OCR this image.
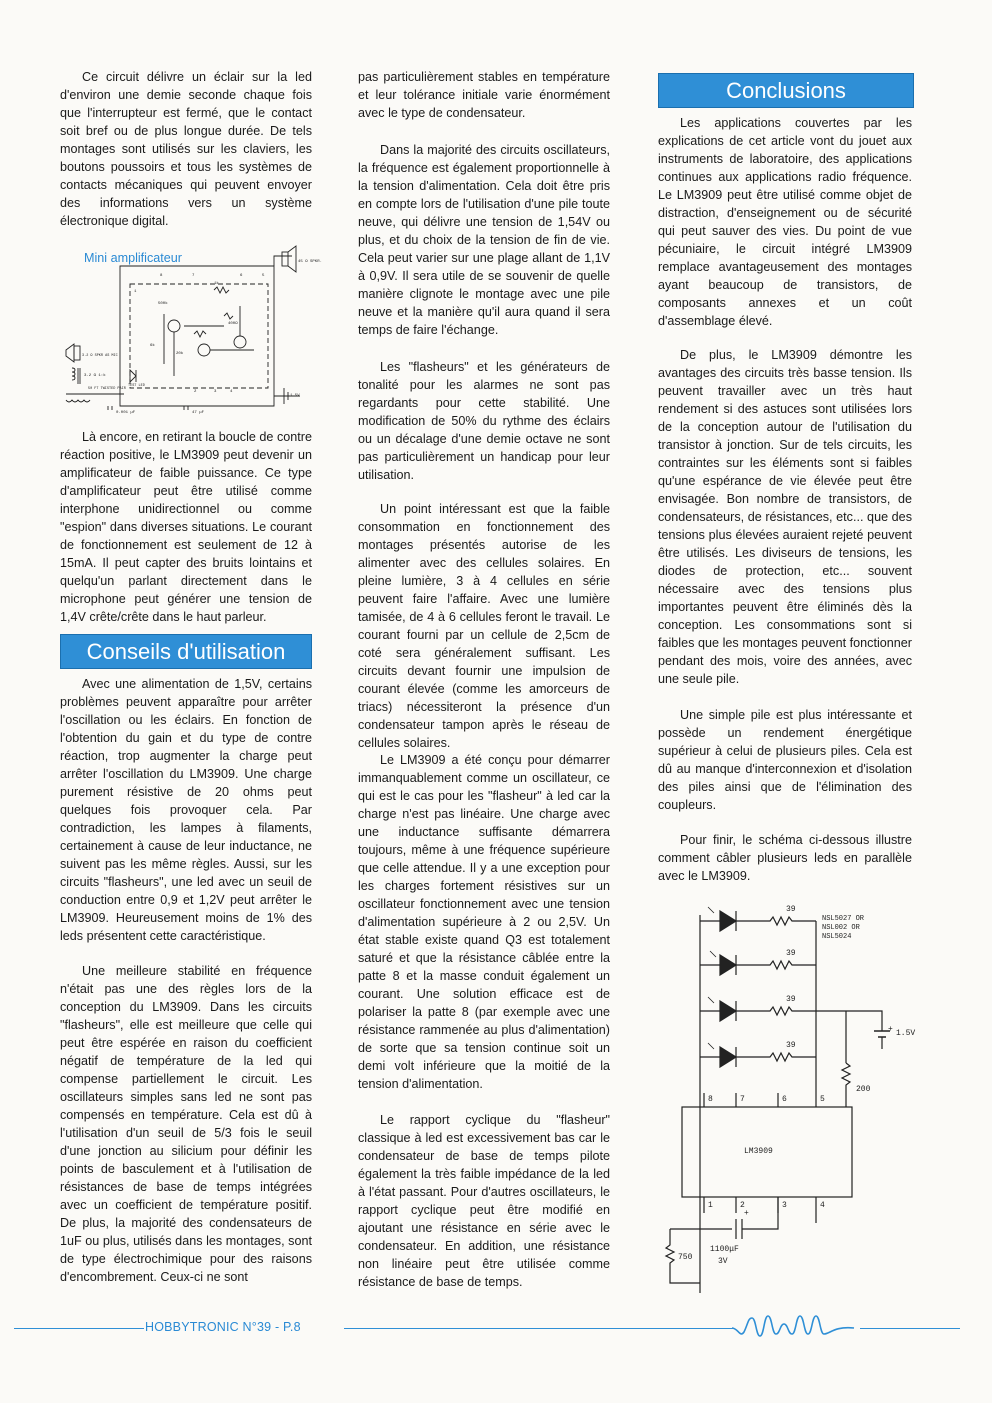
Ce circuit délivre un éclair sur la led d'environ une demie seconde chaque fois que l'interrupteur est fermé, que le contact soit bref ou de plus longue durée. De tels montages sont utilisés sur les claviers, les boutons poussoirs et tous les systèmes de contacts mécaniques qui peuvent envoyer des informations vers un système électronique digital.

Mini amplificateur	45 Ω SPKR.
1k
500k
400Ω
20k
6k
3.2 Ω SPKR AS MIC
3.2 Ω 1:k
50 FT TWISTED PAIR
0.001 μF	47 μF
1.5V
TEST LED
1
2	3	4
5
6
7
8

Là encore, en retirant la boucle de contre réaction positive, le LM3909 peut devenir un amplificateur de faible puissance. Ce type d'amplificateur peut être utilisé comme interphone unidirectionnel ou comme "espion" dans diverses situations. Le courant de fonctionnement est seulement de 12 à 15mA. Il peut capter des bruits lointains et quelqu'un parlant directement dans le microphone peut générer une tension de 1,4V crête/crête dans le haut parleur.

Conseils d'utilisation

Avec une alimentation de 1,5V, certains problèmes peuvent apparaître pour arrêter l'oscillation ou les éclairs. En fonction de l'obtention du gain et du type de contre réaction, trop augmenter la charge peut arrêter l'oscillation du LM3909. Une charge purement résistive de 20 ohms peut quelques fois provoquer cela. Par contradiction, les lampes à filaments, certainement à cause de leur inductance, ne suivent pas les même règles. Aussi, sur les circuits "flasheurs", une led avec un seuil de conduction entre 0,9 et 1,2V peut arrêter le LM3909. Heureusement moins de 1% des leds présentent cette caractéristique.

Une meilleure stabilité en fréquence n'était pas une des règles lors de la conception du LM3909. Dans les circuits "flasheurs", elle est meilleure que celle qui peut être espérée en raison du coefficient négatif de température de la led qui compense partiellement le circuit. Les oscillateurs simples sans led ne sont pas compensés en température. Cela est dû à l'utilisation d'un seuil de 5/3 fois le seuil d'une jonction au silicium pour définir les points de basculement et à l'utilisation de résistances de base de temps intégrées avec un coefficient de température positif. De plus, la majorité des condensateurs de 1uF ou plus, utilisés dans les montages, sont de type électrochimique pour des raisons d'encombrement. Ceux-ci ne sont

pas particulièrement stables en température et leur tolérance initiale varie énormément avec le type de condensateur.

Dans la majorité des circuits oscillateurs, la fréquence est également proportionnelle à la tension d'alimentation. Cela doit être pris en compte lors de l'utilisation d'une pile toute neuve, qui délivre une tension de 1,54V ou plus, et du choix de la tension de fin de vie. Cela peut varier sur une plage allant de 1,1V à 0,9V. Il sera utile de se souvenir de quelle manière clignote le montage avec une pile neuve et la manière qu'il aura quand il sera temps de faire l'échange.

Les "flasheurs" et les générateurs de tonalité pour les alarmes ne sont pas regardants pour cette stabilité. Une modification de 50% du rythme des éclairs ou un décalage d'une demie octave ne sont pas particulièrement un handicap pour leur utilisation.

Un point intéressant est que la faible consommation en fonctionnement des montages présentés autorise de les alimenter avec des cellules solaires. En pleine lumière, 3 à 4 cellules en série peuvent faire l'affaire. Avec une lumière tamisée, de 4 à 6 cellules feront le travail. Le courant fourni par un cellule de 2,5cm de coté sera généralement suffisant. Les circuits devant fournir une impulsion de courant élevée (comme les amorceurs de triacs) nécessiteront la présence d'un condensateur tampon après le réseau de cellules solaires.

Le LM3909 a été conçu pour démarrer immanquablement comme un oscillateur, ce qui est le cas pour les "flasheur" à led car la charge n'est pas linéaire. Une charge avec une inductance suffisante démarrera toujours, même à une fréquence supérieure que celle attendue. Il y a une exception pour les charges fortement résistives sur un oscillateur fonctionnement avec une tension d'alimentation supérieure à 2 ou 2,5V. Un état stable existe quand Q3 est totalement saturé et que la résistance câblée entre la patte 8 et la masse conduit également un courant. Une solution efficace est de polariser la patte 8 (par exemple avec une résistance rammenée au plus d'alimentation) de sorte que sa tension continue soit un demi volt inférieure que la moitié de la tension d'alimentation.

Le rapport cyclique du "flasheur" classique à led est excessivement bas car le condensateur de base de temps pilote également la très faible impédance de la led à l'état passant. Pour d'autres oscillateurs, le rapport cyclique peut être modifié en ajoutant une résistance en série avec le condensateur. En addition, une résistance non linéaire peut être utilisée comme résistance de base de temps.

Conclusions

Les applications couvertes par les explications de cet article vont du jouet aux instruments de laboratoire, des applications continues aux applications radio fréquence. Le LM3909 peut être utilisé comme objet de distraction, d'enseignement ou de sécurité qui peut sauver des vies. Du point de vue pécuniaire, le circuit intégré LM3909 remplace avantageusement des montages ayant beaucoup de transistors, de composants annexes et un coût d'assemblage élevé.

De plus, le LM3909 démontre les avantages des circuits très basse tension. Ils peuvent travailler avec un très haut rendement si des astuces sont utilisées lors de la conception autour de l'utilisation du transistor à jonction. Sur de tels circuits, les contraintes sur les éléments sont si faibles qu'une espérance de vie élevée peut être envisagée. Bon nombre de transistors, de condensateurs, de résistances, etc... que des tensions plus élevées auraient rejeté peuvent être utilisés. Les diviseurs de tensions, les diodes de protection, etc... souvent nécessaire avec des tensions plus importantes peuvent être éliminés dès la conception. Les consommations sont si faibles que les montages peuvent fonctionner pendant des mois, voire des années, avec une seule pile.

Une simple pile est plus intéressante et possède un rendement énergétique supérieur à celui de plusieurs piles. Cela est dû au manque d'interconnexion et d'isolation des piles ainsi que de l'élimination des coupleurs.

Pour finir, le schéma ci-dessous illustre comment câbler plusieurs leds en parallèle avec le LM3909.

39
39
39
39
1.5V
+
200
750
1100μF
3V
LM3909
8	7	6	5
1	2	3	4
+
NSL5027 OR NSL002 OR NSL5024
HOBBYTRONIC N°39 - P.8
